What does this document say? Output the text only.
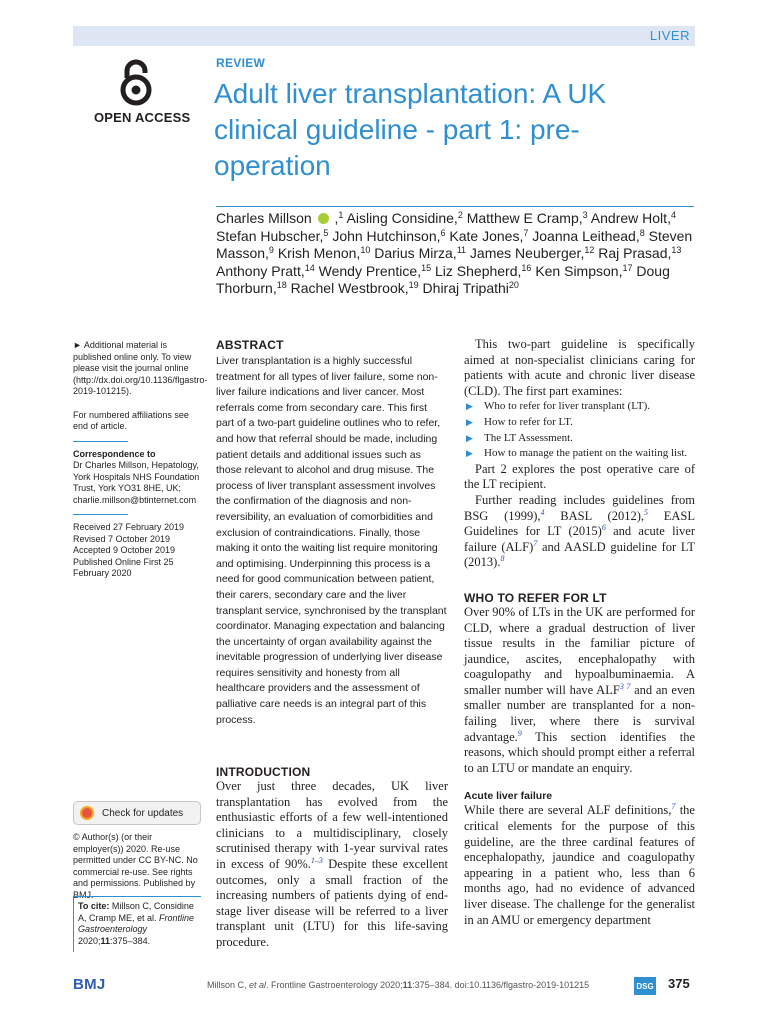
LIVER
OPEN ACCESS
REVIEW
Adult liver transplantation: A UK clinical guideline - part 1: pre-operation
Charles Millson  ,$^1$ Aisling Considine,$^2$ Matthew E Cramp,$^3$ Andrew Holt,$^4$ Stefan Hubscher,$^5$ John Hutchinson,$^6$ Kate Jones,$^7$ Joanna Leithead,$^8$ Steven Masson,$^9$ Krish Menon,$^{10}$ Darius Mirza,$^{11}$ James Neuberger,$^{12}$ Raj Prasad,$^{13}$ Anthony Pratt,$^{14}$ Wendy Prentice,$^{15}$ Liz Shepherd,$^{16}$ Ken Simpson,$^{17}$ Doug Thorburn,$^{18}$ Rachel Westbrook,$^{19}$ Dhiraj Tripathi$^{20}$
► Additional material is published online only. To view please visit the journal online (http://dx.doi.org/10.1136/flgastro-2019-101215).
For numbered affiliations see end of article.
Correspondence to
Dr Charles Millson, Hepatology, York Hospitals NHS Foundation Trust, York YO31 8HE, UK; charlie.millson@btinternet.com
Received 27 February 2019
Revised 7 October 2019
Accepted 9 October 2019
Published Online First 25 February 2020
Check for updates
© Author(s) (or their employer(s)) 2020. Re-use permitted under CC BY-NC. No commercial re-use. See rights and permissions. Published by BMJ.
To cite: Millson C, Considine A, Cramp ME, et al. Frontline Gastroenterology
2020;11:375–384.
ABSTRACT
Liver transplantation is a highly successful treatment for all types of liver failure, some non-liver failure indications and liver cancer. Most referrals come from secondary care. This first part of a two-part guideline outlines who to refer, and how that referral should be made, including patient details and additional issues such as those relevant to alcohol and drug misuse. The process of liver transplant assessment involves the confirmation of the diagnosis and non-reversibility, an evaluation of comorbidities and exclusion of contraindications. Finally, those making it onto the waiting list require monitoring and optimising. Underpinning this process is a need for good communication between patient, their carers, secondary care and the liver transplant service, synchronised by the transplant coordinator. Managing expectation and balancing the uncertainty of organ availability against the inevitable progression of underlying liver disease requires sensitivity and honesty from all healthcare providers and the assessment of palliative care needs is an integral part of this process.
INTRODUCTION

Over just three decades, UK liver transplantation has evolved from the enthusiastic efforts of a few well-intentioned clinicians to a multidisciplinary, closely scrutinised therapy with 1-year survival rates in excess of 90%.$^{1-3}$ Despite these excellent outcomes, only a small fraction of the increasing numbers of patients dying of end-stage liver disease will be referred to a liver transplant unit (LTU) for this life-saving procedure.

This two-part guideline is specifically aimed at non-specialist clinicians caring for patients with acute and chronic liver disease (CLD). The first part examines:

▶ Who to refer for liver transplant (LT).
▶ How to refer for LT.
▶ The LT Assessment.
▶ How to manage the patient on the waiting list.

Part 2 explores the post operative care of the LT recipient.

Further reading includes guidelines from BSG (1999),$^4$ BASL (2012),$^5$ EASL Guidelines for LT (2015)$^6$ and acute liver failure (ALF)$^7$ and AASLD guideline for LT (2013).$^8$

WHO TO REFER FOR LT

Over 90% of LTs in the UK are performed for CLD, where a gradual destruction of liver tissue results in the familiar picture of jaundice, ascites, encephalopathy with coagulopathy and hypoalbuminaemia. A smaller number will have ALF$^{3 7}$ and an even smaller number are transplanted for a non-failing liver, where there is survival advantage.$^9$ This section identifies the reasons, which should prompt either a referral to an LTU or mandate an enquiry.

Acute liver failure

While there are several ALF definitions,$^7$ the critical elements for the purpose of this guideline, are the three cardinal features of encephalopathy, jaundice and coagulopathy appearing in a patient who, less than 6 months ago, had no evidence of advanced liver disease. The challenge for the generalist in an AMU or emergency department

BMJ	Millson C, et al. Frontline Gastroenterology 2020;11:375–384. doi:10.1136/flgastro-2019-101215	DSG 375
